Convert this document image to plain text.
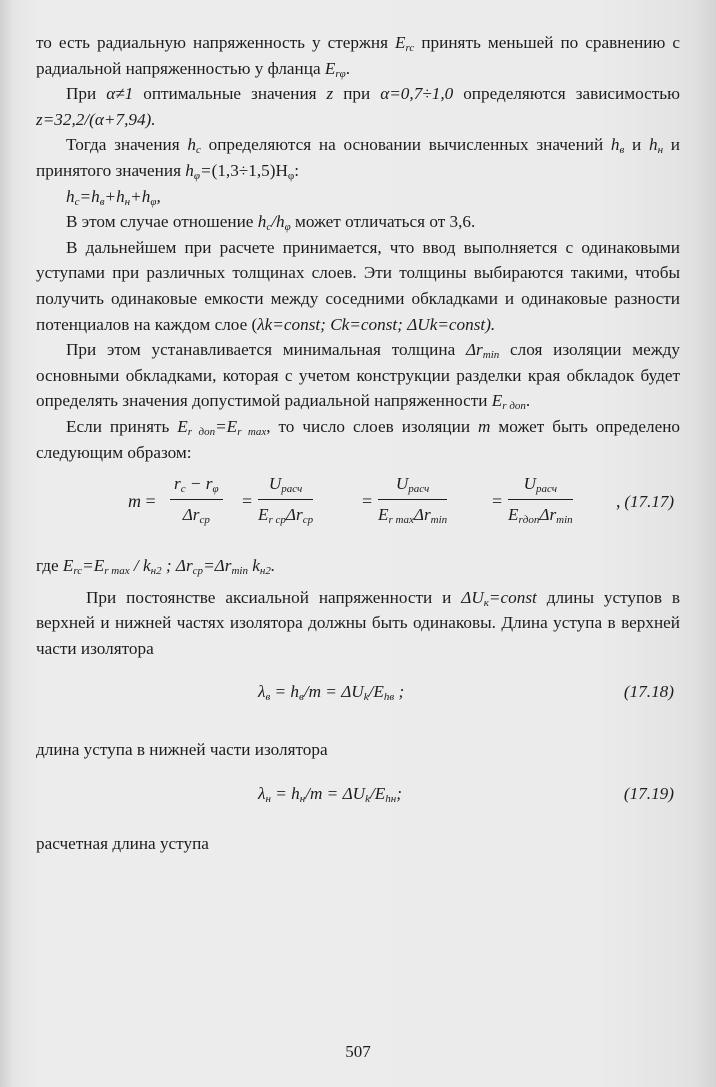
то есть радиальную напряженность у стержня $E_{rc}$ принять меньшей по сравнению с радиальной напряженностью у фланца $E_{r\varphi}$.

При α≠1 оптимальные значения z при α=0,7÷1,0 определяются зависимостью z=32,2/(α+7,94).

Тогда значения $h_c$ определяются на основании вычисленных значений $h_в$ и $h_н$ и принятого значения $h_\varphi=(1,3\div 1,5)H_\varphi$:

$h_c=h_в+h_н+h_\varphi$,

В этом случае отношение $h_c/h_\varphi$ может отличаться от 3,6.

В дальнейшем при расчете принимается, что ввод выполняется с одинаковыми уступами при различных толщинах слоев. Эти толщины выбираются такими, чтобы получить одинаковые емкости между соседними обкладками и одинаковые разности потенциалов на каждом слое (λk=const; Ck=const; ΔUk=const).

При этом устанавливается минимальная толщина $\Delta r_{min}$ слоя изоляции между основными обкладками, которая с учетом конструкции разделки края обкладок будет определять значения допустимой радиальной напряженности $E_{r доп}$.

Если принять $E_{r доп}=E_{r max}$, то число слоев изоляции m может быть определено следующим образом:

m =
$r_c - r_\varphi$
$\Delta r_{cp}$
=
$U_{расч}$
$E_{r cp}\Delta r_{cp}$
=
$U_{расч}$
$E_{r max}\Delta r_{min}$
=
$U_{расч}$
$E_{rдоп}\Delta r_{min}$
, (17.17)

где $E_{rc}=E_{r max} / k_{н2}$ ; $\Delta r_{cp}=\Delta r_{min}$ $k_{н2}$.

При постоянстве аксиальной напряженности и $\Delta U_к=const$ длины уступов в верхней и нижней частях изолятора должны быть одинаковы. Длина уступа в верхней части изолятора

$\lambda_в = h_в/m = \Delta U_k/E_{hв}$ ;	(17.18)

длина уступа в нижней части изолятора

$\lambda_н = h_н/m = \Delta U_k/E_{hн}$;	(17.19)

расчетная длина уступа

507
